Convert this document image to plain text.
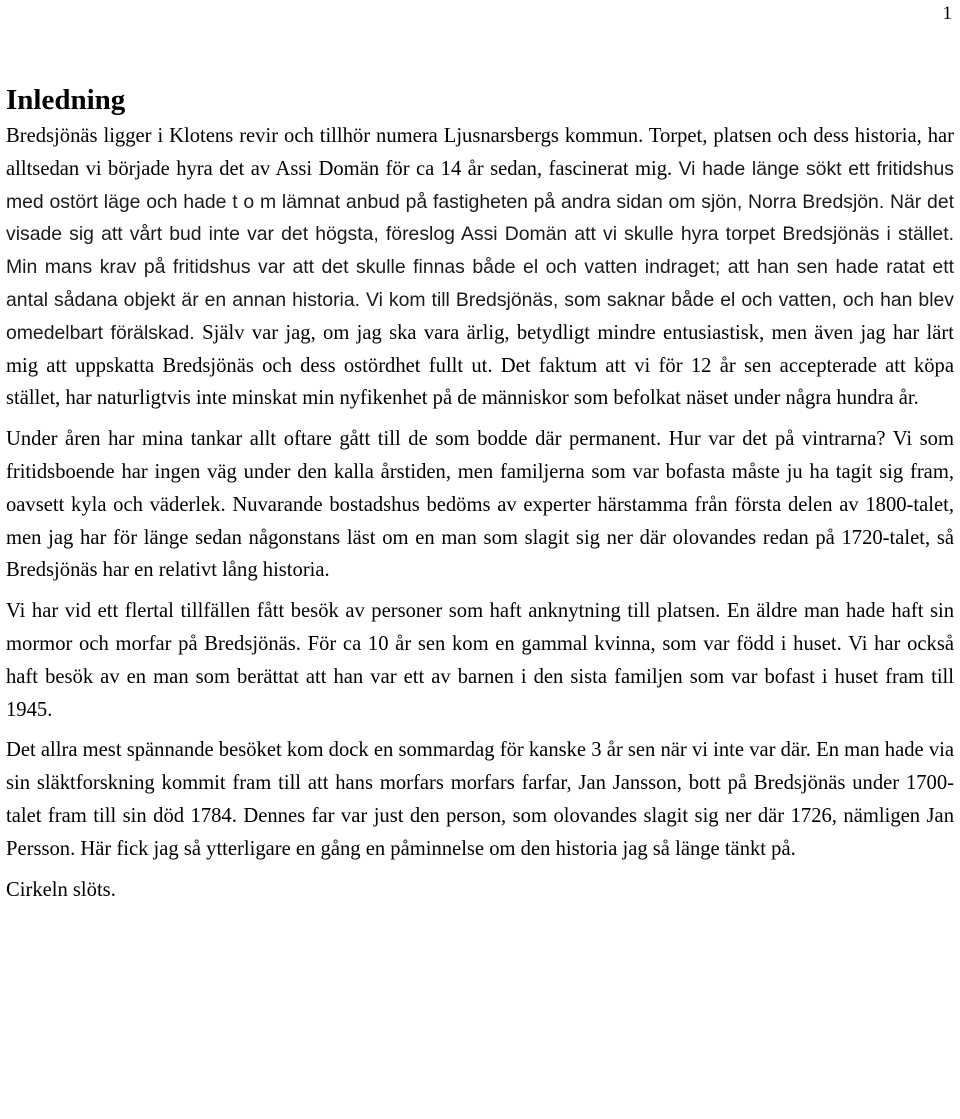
1
Inledning

Bredsjönäs ligger i Klotens revir och tillhör numera Ljusnarsbergs kommun. Torpet, platsen och dess historia, har alltsedan vi började hyra det av Assi Domän för ca 14 år sedan, fascinerat mig. Vi hade länge sökt ett fritidshus med ostört läge och hade t o m lämnat anbud på fastigheten på andra sidan om sjön, Norra Bredsjön. När det visade sig att vårt bud inte var det högsta, föreslog Assi Domän att vi skulle hyra torpet Bredsjönäs i stället. Min mans krav på fritidshus var att det skulle finnas både el och vatten indraget; att han sen hade ratat ett antal sådana objekt är en annan historia. Vi kom till Bredsjönäs, som saknar både el och vatten, och han blev omedelbart förälskad. Själv var jag, om jag ska vara ärlig, betydligt mindre entusiastisk, men även jag har lärt mig att uppskatta Bredsjönäs och dess ostördhet fullt ut. Det faktum att vi för 12 år sen accepterade att köpa stället, har naturligtvis inte minskat min nyfikenhet på de människor som befolkat näset under några hundra år.

Under åren har mina tankar allt oftare gått till de som bodde där permanent. Hur var det på vintrarna? Vi som fritidsboende har ingen väg under den kalla årstiden, men familjerna som var bofasta måste ju ha tagit sig fram, oavsett kyla och väderlek. Nuvarande bostadshus bedöms av experter härstamma från första delen av 1800-talet, men jag har för länge sedan någonstans läst om en man som slagit sig ner där olovandes redan på 1720-talet, så Bredsjönäs har en relativt lång historia.

Vi har vid ett flertal tillfällen fått besök av personer som haft anknytning till platsen. En äldre man hade haft sin mormor och morfar på Bredsjönäs. För ca 10 år sen kom en gammal kvinna, som var född i huset. Vi har också haft besök av en man som berättat att han var ett av barnen i den sista familjen som var bofast i huset fram till 1945.

Det allra mest spännande besöket kom dock en sommardag för kanske 3 år sen när vi inte var där. En man hade via sin släktforskning kommit fram till att hans morfars morfars farfar, Jan Jansson, bott på Bredsjönäs under 1700-talet fram till sin död 1784. Dennes far var just den person, som olovandes slagit sig ner där 1726, nämligen Jan Persson. Här fick jag så ytterligare en gång en påminnelse om den historia jag så länge tänkt på.

Cirkeln slöts.
